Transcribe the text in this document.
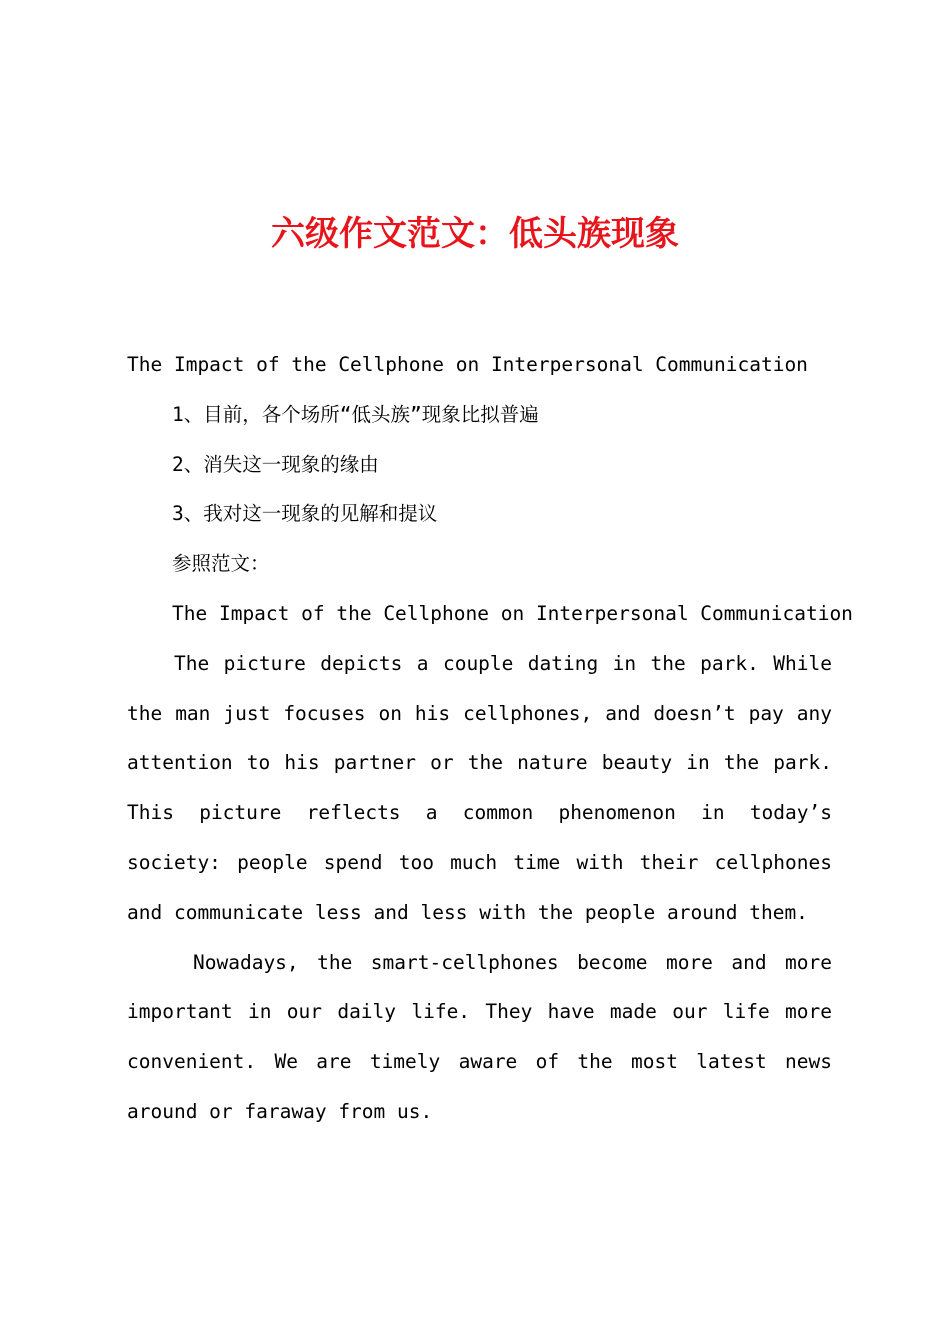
六级作文范文：低头族现象

The Impact of the Cellphone on Interpersonal Communication

1、目前，各个场所“低头族”现象比拟普遍

2、消失这一现象的缘由

3、我对这一现象的见解和提议

参照范文：

The Impact of the Cellphone on Interpersonal Communication

The picture depicts a couple dating in the park. While the man just focuses on his cellphones, and doesn’t pay any attention to his partner or the nature beauty in the park. This picture reflects a common phenomenon in today’s society: people spend too much time with their cellphones and communicate less and less with the people around them.

Nowadays, the smart-cellphones become more and more important in our daily life. They have made our life more convenient. We are timely aware of the most latest news around or faraway from us.
